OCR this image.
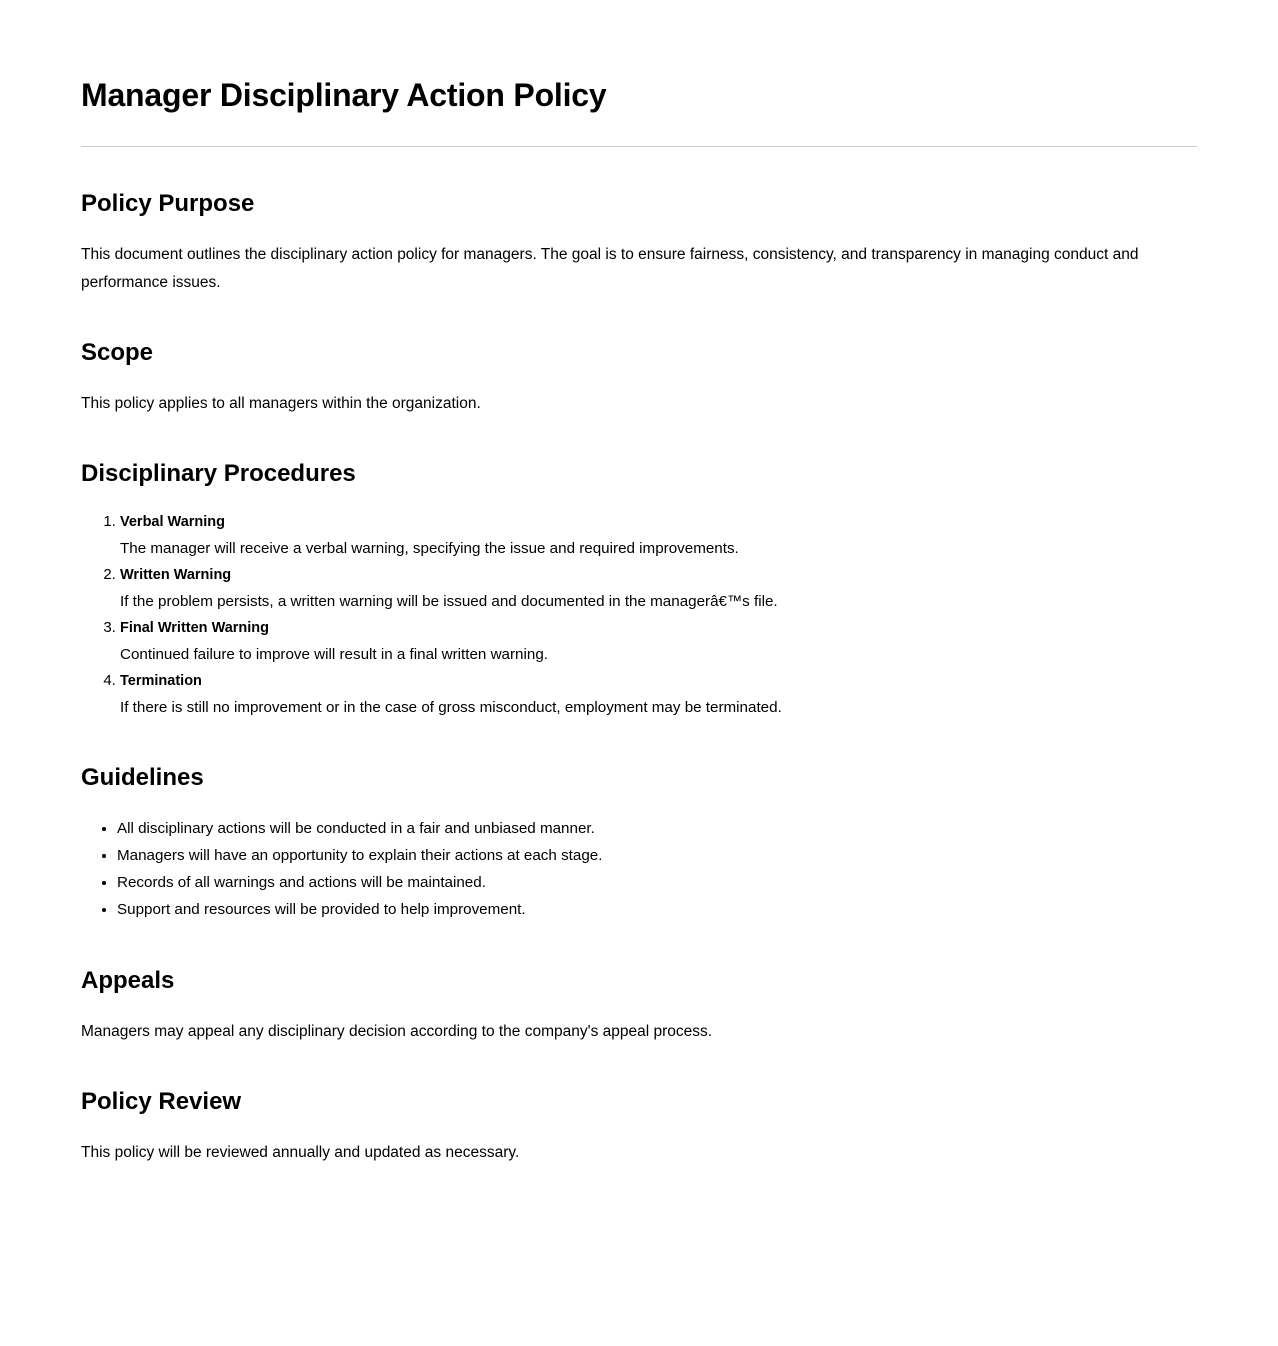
Manager Disciplinary Action Policy
Policy Purpose

This document outlines the disciplinary action policy for managers. The goal is to ensure fairness, consistency, and transparency in managing conduct and performance issues.

Scope

This policy applies to all managers within the organization.

Disciplinary Procedures
1. Verbal Warning
The manager will receive a verbal warning, specifying the issue and required improvements.
2. Written Warning
If the problem persists, a written warning will be issued and documented in the managerâ€™s file.
3. Final Written Warning
Continued failure to improve will result in a final written warning.
4. Termination
If there is still no improvement or in the case of gross misconduct, employment may be terminated.
Guidelines
• All disciplinary actions will be conducted in a fair and unbiased manner.
• Managers will have an opportunity to explain their actions at each stage.
• Records of all warnings and actions will be maintained.
• Support and resources will be provided to help improvement.
Appeals

Managers may appeal any disciplinary decision according to the company's appeal process.

Policy Review

This policy will be reviewed annually and updated as necessary.
